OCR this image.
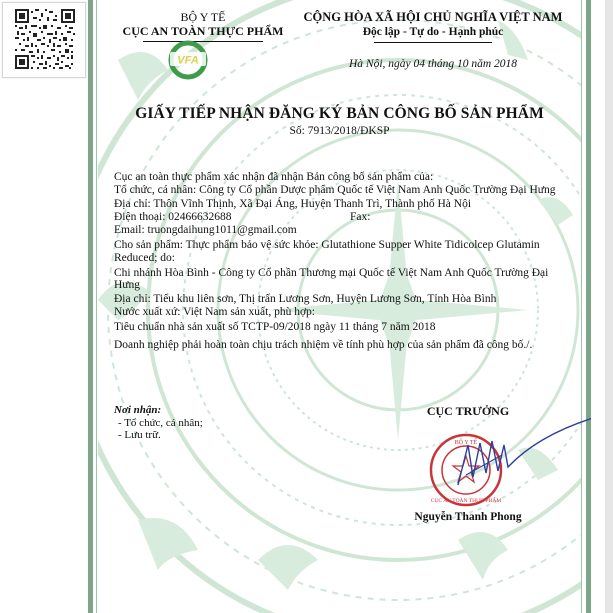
BỘ Y TẾ
CỤC AN TOÀN THỰC PHẨM
VFA
CỘNG HÒA XÃ HỘI CHỦ NGHĨA VIỆT NAM
Độc lập - Tự do - Hạnh phúc
Hà Nội, ngày 04 tháng 10 năm 2018
GIẤY TIẾP NHẬN ĐĂNG KÝ BẢN CÔNG BỐ SẢN PHẨM
Số: 7913/2018/ĐKSP
Cục an toàn thực phẩm xác nhận đã nhận Bản công bố sản phẩm của:
Tổ chức, cá nhân: Công ty Cổ phần Dược phẩm Quốc tế Việt Nam Anh Quốc Trường Đại Hưng
Địa chỉ: Thôn Vĩnh Thịnh, Xã Đại Áng, Huyện Thanh Trì, Thành phố Hà Nội
Điện thoại: 02466632688	Fax:
Email: truongdaihung1011@gmail.com
Cho sản phẩm: Thực phẩm bảo vệ sức khỏe: Glutathione Supper White Tidicolcep Glutamin Reduced; do:
Chi nhánh Hòa Bình - Công ty Cổ phần Thương mại Quốc tế Việt Nam Anh Quốc Trường Đại Hưng
Địa chỉ: Tiểu khu liên sơn, Thị trấn Lương Sơn, Huyện Lương Sơn, Tỉnh Hòa Bình
Nước xuất xứ: Việt Nam sản xuất, phù hợp:
Tiêu chuẩn nhà sản xuất số TCTP-09/2018 ngày 11 tháng 7 năm 2018
Doanh nghiệp phải hoàn toàn chịu trách nhiệm về tính phù hợp của sản phẩm đã công bố./.
Nơi nhận:
- Tổ chức, cá nhân;
- Lưu trữ.
CỤC TRƯỞNG
BỘ Y TẾ
CỤC AN TOÀN THỰC PHẨM
Nguyễn Thanh Phong
